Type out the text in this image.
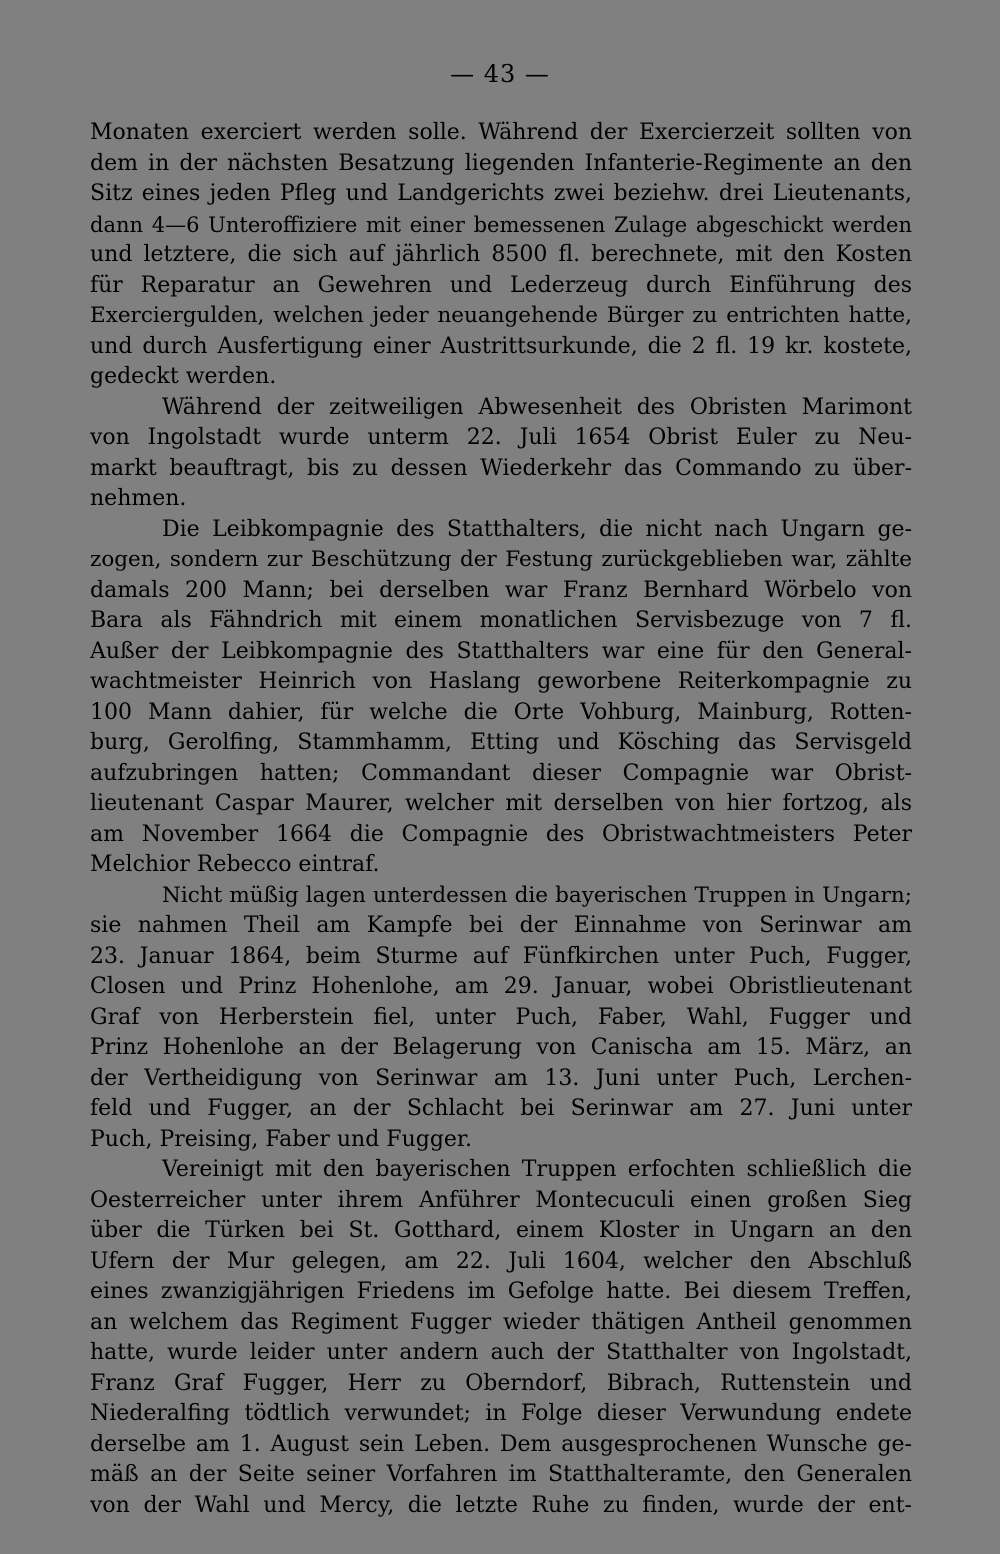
— 43 —
Monaten exerciert werden solle. Während der Exercierzeit sollten von
dem in der nächsten Besatzung liegenden Infanterie-Regimente an den
Sitz eines jeden Pfleg und Landgerichts zwei beziehw. drei Lieutenants,
dann 4—6 Unteroffiziere mit einer bemessenen Zulage abgeschickt werden
und letztere, die sich auf jährlich 8500 fl. berechnete, mit den Kosten
für Reparatur an Gewehren und Lederzeug durch Einführung des
Exerciergulden, welchen jeder neuangehende Bürger zu entrichten hatte,
und durch Ausfertigung einer Austrittsurkunde, die 2 fl. 19 kr. kostete,
gedeckt werden.
Während der zeitweiligen Abwesenheit des Obristen Marimont
von Ingolstadt wurde unterm 22. Juli 1654 Obrist Euler zu Neu-
markt beauftragt, bis zu dessen Wiederkehr das Commando zu über-
nehmen.
Die Leibkompagnie des Statthalters, die nicht nach Ungarn ge-
zogen, sondern zur Beschützung der Festung zurückgeblieben war, zählte
damals 200 Mann; bei derselben war Franz Bernhard Wörbelo von
Bara als Fähndrich mit einem monatlichen Servisbezuge von 7 fl.
Außer der Leibkompagnie des Statthalters war eine für den General-
wachtmeister Heinrich von Haslang geworbene Reiterkompagnie zu
100 Mann dahier, für welche die Orte Vohburg, Mainburg, Rotten-
burg, Gerolfing, Stammhamm, Etting und Kösching das Servisgeld
aufzubringen hatten; Commandant dieser Compagnie war Obrist-
lieutenant Caspar Maurer, welcher mit derselben von hier fortzog, als
am November 1664 die Compagnie des Obristwachtmeisters Peter
Melchior Rebecco eintraf.
Nicht müßig lagen unterdessen die bayerischen Truppen in Ungarn;
sie nahmen Theil am Kampfe bei der Einnahme von Serinwar am
23. Januar 1864, beim Sturme auf Fünfkirchen unter Puch, Fugger,
Closen und Prinz Hohenlohe, am 29. Januar, wobei Obristlieutenant
Graf von Herberstein fiel, unter Puch, Faber, Wahl, Fugger und
Prinz Hohenlohe an der Belagerung von Canischa am 15. März, an
der Vertheidigung von Serinwar am 13. Juni unter Puch, Lerchen-
feld und Fugger, an der Schlacht bei Serinwar am 27. Juni unter
Puch, Preising, Faber und Fugger.
Vereinigt mit den bayerischen Truppen erfochten schließlich die
Oesterreicher unter ihrem Anführer Montecuculi einen großen Sieg
über die Türken bei St. Gotthard, einem Kloster in Ungarn an den
Ufern der Mur gelegen, am 22. Juli 1604, welcher den Abschluß
eines zwanzigjährigen Friedens im Gefolge hatte. Bei diesem Treffen,
an welchem das Regiment Fugger wieder thätigen Antheil genommen
hatte, wurde leider unter andern auch der Statthalter von Ingolstadt,
Franz Graf Fugger, Herr zu Oberndorf, Bibrach, Ruttenstein und
Niederalfing tödtlich verwundet; in Folge dieser Verwundung endete
derselbe am 1. August sein Leben. Dem ausgesprochenen Wunsche ge-
mäß an der Seite seiner Vorfahren im Statthalteramte, den Generalen
von der Wahl und Mercy, die letzte Ruhe zu finden, wurde der ent-
